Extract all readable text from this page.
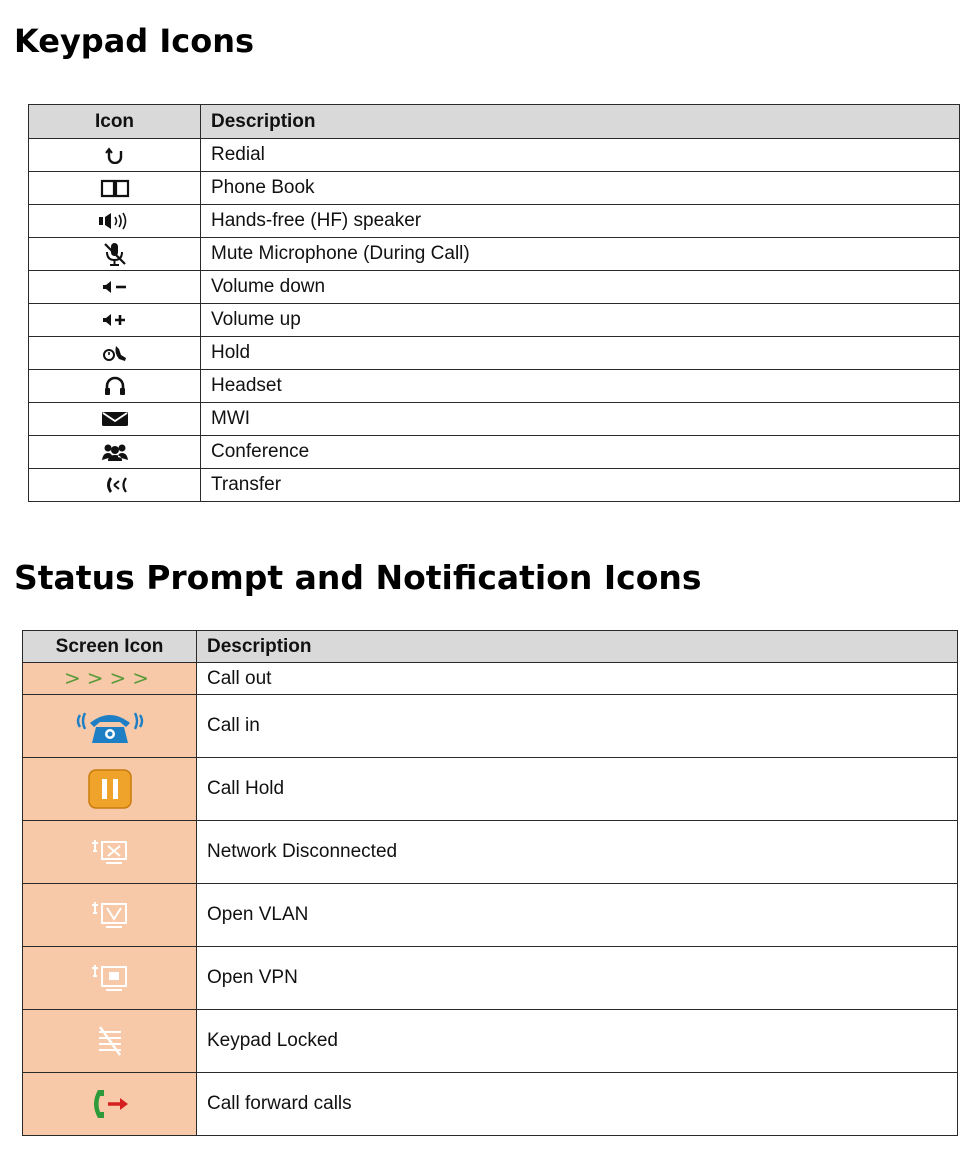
Keypad Icons
Icon	Description
	Redial
	Phone Book
	Hands-free (HF) speaker
	Mute Microphone (During Call)
	Volume down
	Volume up
	Hold
	Headset
	MWI
	Conference
	Transfer
Status Prompt and Notification Icons
Screen Icon	Description
>>>>	Call out
	Call in
	Call Hold
	Network Disconnected
	Open VLAN
	Open VPN
	Keypad Locked
	Call forward calls
